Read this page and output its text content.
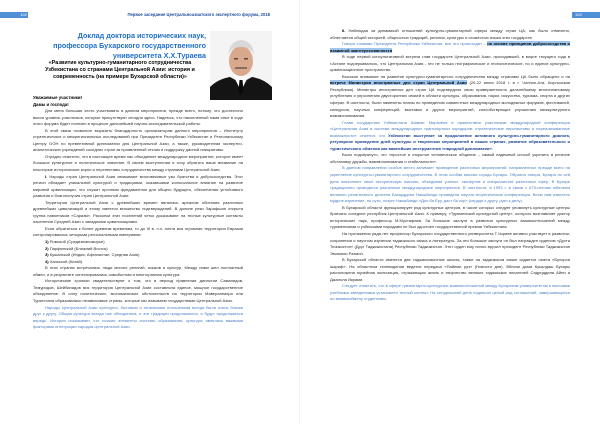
102	Первое заседание Центральноазиатского экспертного форума, 2018
Доклад доктора исторических наук, профессора Бухарского государственного университета Х.Х.Тураева
«Развитие культурно-гуманитарного сотрудничества Узбекистана со странами Центральной Азии: история и современность (на примере Бухарской области)»

Уважаемые участники!

Дамы и господа!

Для меня большая честь участвовать в данном мероприятии, прежде всего, потому, что достаточно высок уровень участников, которые присутствуют сегодня здесь. Надеюсь, что накопленный нами опыт в ходе этого форума будет полезен в процессе дальнейшей научно-исследовательской работы.

В этой связи позвольте выразить благодарность организаторам данного мероприятия – Институту стратегических и межрегиональных исследований при Президенте Республики Узбекистан и Региональному Центру ООН по превентивной дипломатии для Центральной Азии, а также, руководителям экспертно-аналитических учреждений соседних стран за проявленный отклик и поддержку данной инициативы.

Отрадно отметить, что в настоящее время нас объединяет международное мероприятие, которое имеет большое культурное и политическое значение. В своем выступлении я хочу обратить ваше внимание на некоторые исторические корни и перспективы сотрудничества между странами Центральной Азии.

I. Народы стран Центральной Азии связывают многовековые узы братства и добрососедства. Этот регион обладает уникальной культурой и традициями, оказавшими колоссальное влияние на развитие мировой цивилизации, что служит прочным фундаментом для общего будущего, обеспечения устойчивого развития и благополучия стран Центральной Азии.

Территория Центральной Азии с древнейших времен являлась ареалом обитания различных древнейших цивилизаций и этому имеется множество подтверждений. В долине реки Зарафшан открыта группа памятников «Саразм». Раскопки этих поселений четко доказывают на тесные культурные контакты населения Средней Азии с западными цивилизациями.

Если обратиться к более древним временам, то до III в. н.э. почти вся огромная территория Евразии контролировалась четырьмя региональными империями:

1) Римской (Средиземноморье)
2) Парфянской (Ближний Восток)
3) Кушанской (Индия, Афганистан, Средняя Азия)
4) Ханьской (Китай).

В этих странах встречались люди многих религий, языков и культур. Между ними шел постоянный обмен, и в результате синтезировались самобытная и многогранная культура.

Исторические хроники свидетельствуют о том, что в период правления династии Саманидов, Темуридов, Шейбанидов вся территория Центральной Азии составляла единое, мощное государственное объединение. В силу политических, экономических обстоятельств на территории Мавераннахра или Туркестана образовались независимые страны, которые мы называем государствами Центральной Азии.

Народы Центральной Азии культурно, бытовым и этническим отношениям всегда были очень близки друг к другу. Общая культура всегда нас объединяла, и эти традиции продолжаются, и будут продолжаться впредь. История показывает, что схожие элементы системы образования, культуры являлись важными факторами интеграции народов Центральной Азии.

103

II. Наблюдая за динамикой отношений культурно-гуманитарной сферы между стран ЦА, как было отмечено, облегчается общей историей, общностью традиций, религии, культуры и схожестью языка этих государств.

Говоря словами Президента Республики Узбекистан, все это происходит – на основе принципов добрососедства и взаимной заинтересованности.

В ходе первой консультативной встречи глав государств Центральной Азии, проходившей, в марте текущего года в г.Астане подчеркивалось, что Центральная Азия - это не только географическое и геополитическое, но и единое культурно-цивилизационное пространство.

Высокое внимание на развитие культурно-гуманитарного сотрудничества между странами ЦА было обращено и на встрече Министров иностранных дел стран Центральной Азии (20-22 июля 2018 г. в г. Чолпон-Ата, Кыргызская Республика). Министры иностранных дел стран ЦА подтвердили свою приверженность дальнейшему многоплановому углублению и упрочнению двусторонних связей в области культуры, образования, науки, искусства, туризма, спорта и других сферах. В частности, были намечены планы по проведению совместных международных молодежных форумов, фестивалей, конкурсов, научных конференций, выставок и других мероприятий, способствующих улучшению межкультурного взаимопонимания.

Глава государства Узбекистана Шавкат Мирзиёев в приветствии участникам международной конференции «Центральная Азия в системе международных транспортных коридоров: стратегические перспективы и нереализованные возможности» отметил, что Узбекистан выступает за продолжение активного культурно-гуманитарного диалога, регулярное проведение дней культуры и творческих мероприятий в наших странах, развитие образовательного и туристического обменов как важнейших инструментов «народной дипломатии».

Было подчеркнуто, что «простое и открытое человеческое общение – самый надежный способ укрепить в регионе обстановку дружбы, взаимопонимания и стабильности».

В данном направлении особое место занимает проведение различных мероприятий, направленных прежде всего на укрепление культурно-гуманитарного сотрудничества. В этом особая миссия города Бухары. Образно говоря, Бухара по сей день выполняет свою историческую миссию, объединяя ученых, экспертов и специалистов различных сфер. В Бухаре традиционно проводятся различные международные мероприятия. В частности, в 1993 г. в связи с 675-летним юбилеем великого религиозного деятеля Бахауддина Накшбанди проведена научно-теоретическая конференция. Всем нам известно мудрое изречение, по сути, лозунг Накшбанди «Дил ба Ёру, даст ба кор» (сердце к другу, руки к делу).

В Бухарской области функционирует ряд культурных центров, в числе которых следует упомянуть культурные центры братских соседних республик Центральной Азии. К примеру, «Туркменский культурный центр», которого возглавляет доктор исторических наук, профессор М.Мустафаев. За большие заслуги в развитии культурных взаимоотношений между туркменскими и узбекскими народами он был удостоен государственной премии Узбекистана.

На протяжении ряда лет профессор Бухарского государственного университета Т.Чориев активно участвует в развитии, сохранении и научном изучении таджикского языка и литературы. За эти большие заслуги он был награжден орденом «Дусти Точикистон» (Друг Таджикистана) Республики Таджикистан. Этот орден ему лично вручил президент Республики Таджикистан Эмомали Рахмон.

В Бухарской области имеются две таджикоязычные школы, также на таджикском языке издается газета «Бухорои шариф». На областном телевидении ведется передача «Пайеми руз» (Новости дня). Вблизи дома Кукалдаш Бухары расположена музейная экспозиция, отражающая жизнь и творчество великих таджикских писателей Садриддина Айни и Джалола Икрами.

Следует отметить, что в сфере гуманитарно-культурных взаимоотношений между Бухарским университетом и высшими учебными заведениями установлен тесный контакт. На сегодняшний день подписан целый ряд соглашений, завершающихся по взаимообмену студентами.
